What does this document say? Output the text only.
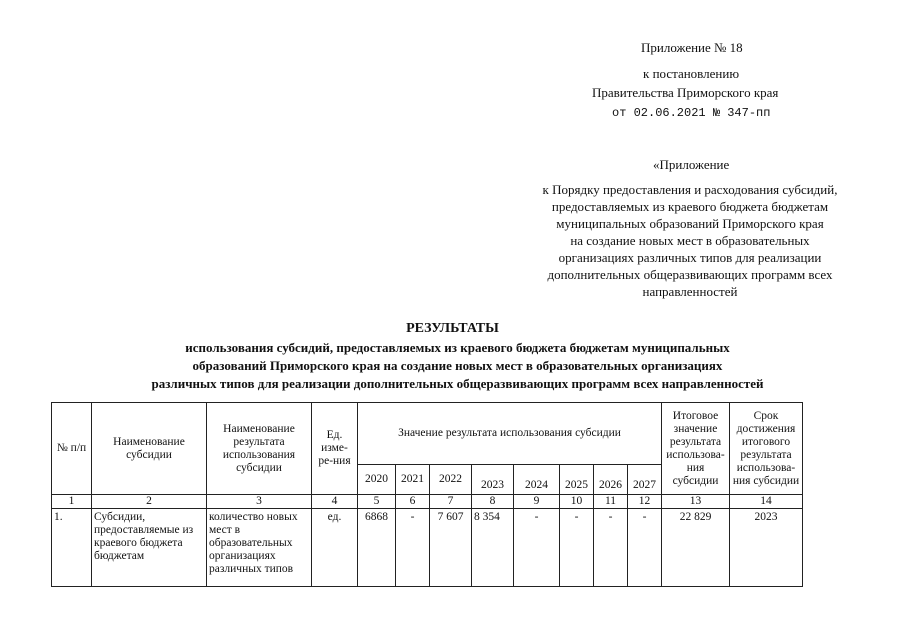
Приложение № 18
к постановлению
Правительства Приморского края
от 02.06.2021 № 347-пп
«Приложение
к Порядку предоставления и расходования субсидий,
предоставляемых из краевого бюджета бюджетам
муниципальных образований Приморского края
на создание новых мест в образовательных
организациях различных типов для реализации
дополнительных общеразвивающих программ всех
направленностей
РЕЗУЛЬТАТЫ
использования субсидий, предоставляемых из краевого бюджета бюджетам муниципальных
образований Приморского края на создание новых мест в образовательных организациях
различных типов для реализации дополнительных общеразвивающих программ всех направленностей
№ п/п	Наименование субсидии	Наименование результата использования субсидии	Ед. изме-ре-ния	Значение результата использования субсидии								Итоговое значение результата использова-ния субсидии	Срок достижения итогового результата использова-ния субсидии
				2020	2021	2022	2023	2024	2025	2026	2027		
1	2	3	4	5	6	7	8	9	10	11	12	13	14
1.	Субсидии, предоставляемые из краевого бюджета бюджетам	количество новых мест в образовательных организациях различных типов	ед.	6868	-	7 607	8 354	-	-	-	-	22 829	2023
